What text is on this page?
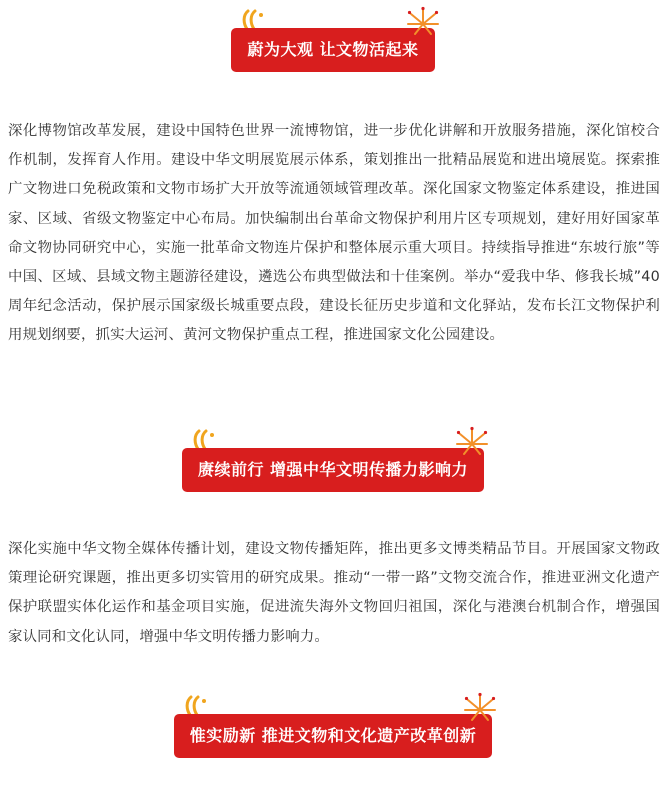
蔚为大观 让文物活起来

深化博物馆改革发展，建设中国特色世界一流博物馆，进一步优化讲解和开放服务措施，深化馆校合作机制，发挥育人作用。建设中华文明展览展示体系，策划推出一批精品展览和进出境展览。探索推广文物进口免税政策和文物市场扩大开放等流通领域管理改革。深化国家文物鉴定体系建设，推进国家、区域、省级文物鉴定中心布局。加快编制出台革命文物保护利用片区专项规划，建好用好国家革命文物协同研究中心，实施一批革命文物连片保护和整体展示重大项目。持续指导推进“东坡行旅”等中国、区域、县域文物主题游径建设，遴选公布典型做法和十佳案例。举办“爱我中华、修我长城”40周年纪念活动，保护展示国家级长城重要点段，建设长征历史步道和文化驿站，发布长江文物保护利用规划纲要，抓实大运河、黄河文物保护重点工程，推进国家文化公园建设。

赓续前行 增强中华文明传播力影响力

深化实施中华文物全媒体传播计划，建设文物传播矩阵，推出更多文博类精品节目。开展国家文物政策理论研究课题，推出更多切实管用的研究成果。推动“一带一路”文物交流合作，推进亚洲文化遗产保护联盟实体化运作和基金项目实施，促进流失海外文物回归祖国，深化与港澳台机制合作，增强国家认同和文化认同，增强中华文明传播力影响力。

惟实励新 推进文物和文化遗产改革创新
